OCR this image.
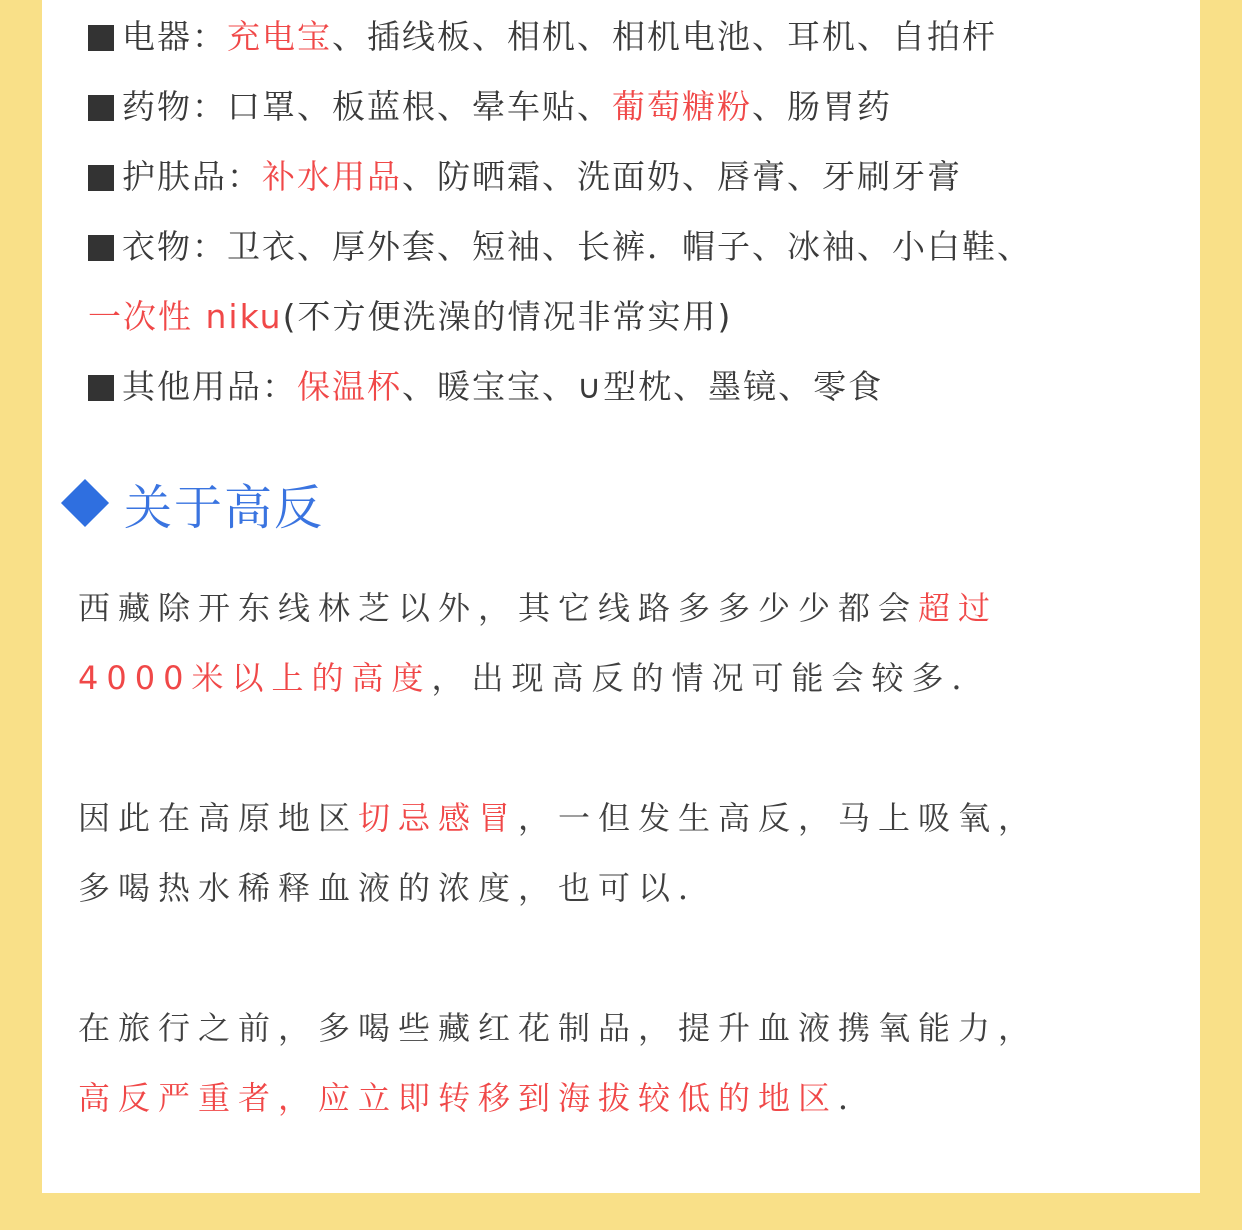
电器：充电宝、插线板、相机、相机电池、耳机、自拍杆
药物：口罩、板蓝根、晕车贴、葡萄糖粉、肠胃药
护肤品：补水用品、防晒霜、洗面奶、唇膏、牙刷牙膏
衣物：卫衣、厚外套、短袖、长裤．帽子、冰袖、小白鞋、
一次性 niku(不方便洗澡的情况非常实用)
其他用品：保温杯、暖宝宝、∪型枕、墨镜、零食
关于高反

西藏除开东线林芝以外，其它线路多多少少都会超过

4000米以上的高度，出现高反的情况可能会较多．

因此在高原地区切忌感冒，一但发生高反，马上吸氧，

多喝热水稀释血液的浓度，也可以．

在旅行之前，多喝些藏红花制品，提升血液携氧能力，

高反严重者，应立即转移到海拔较低的地区．
